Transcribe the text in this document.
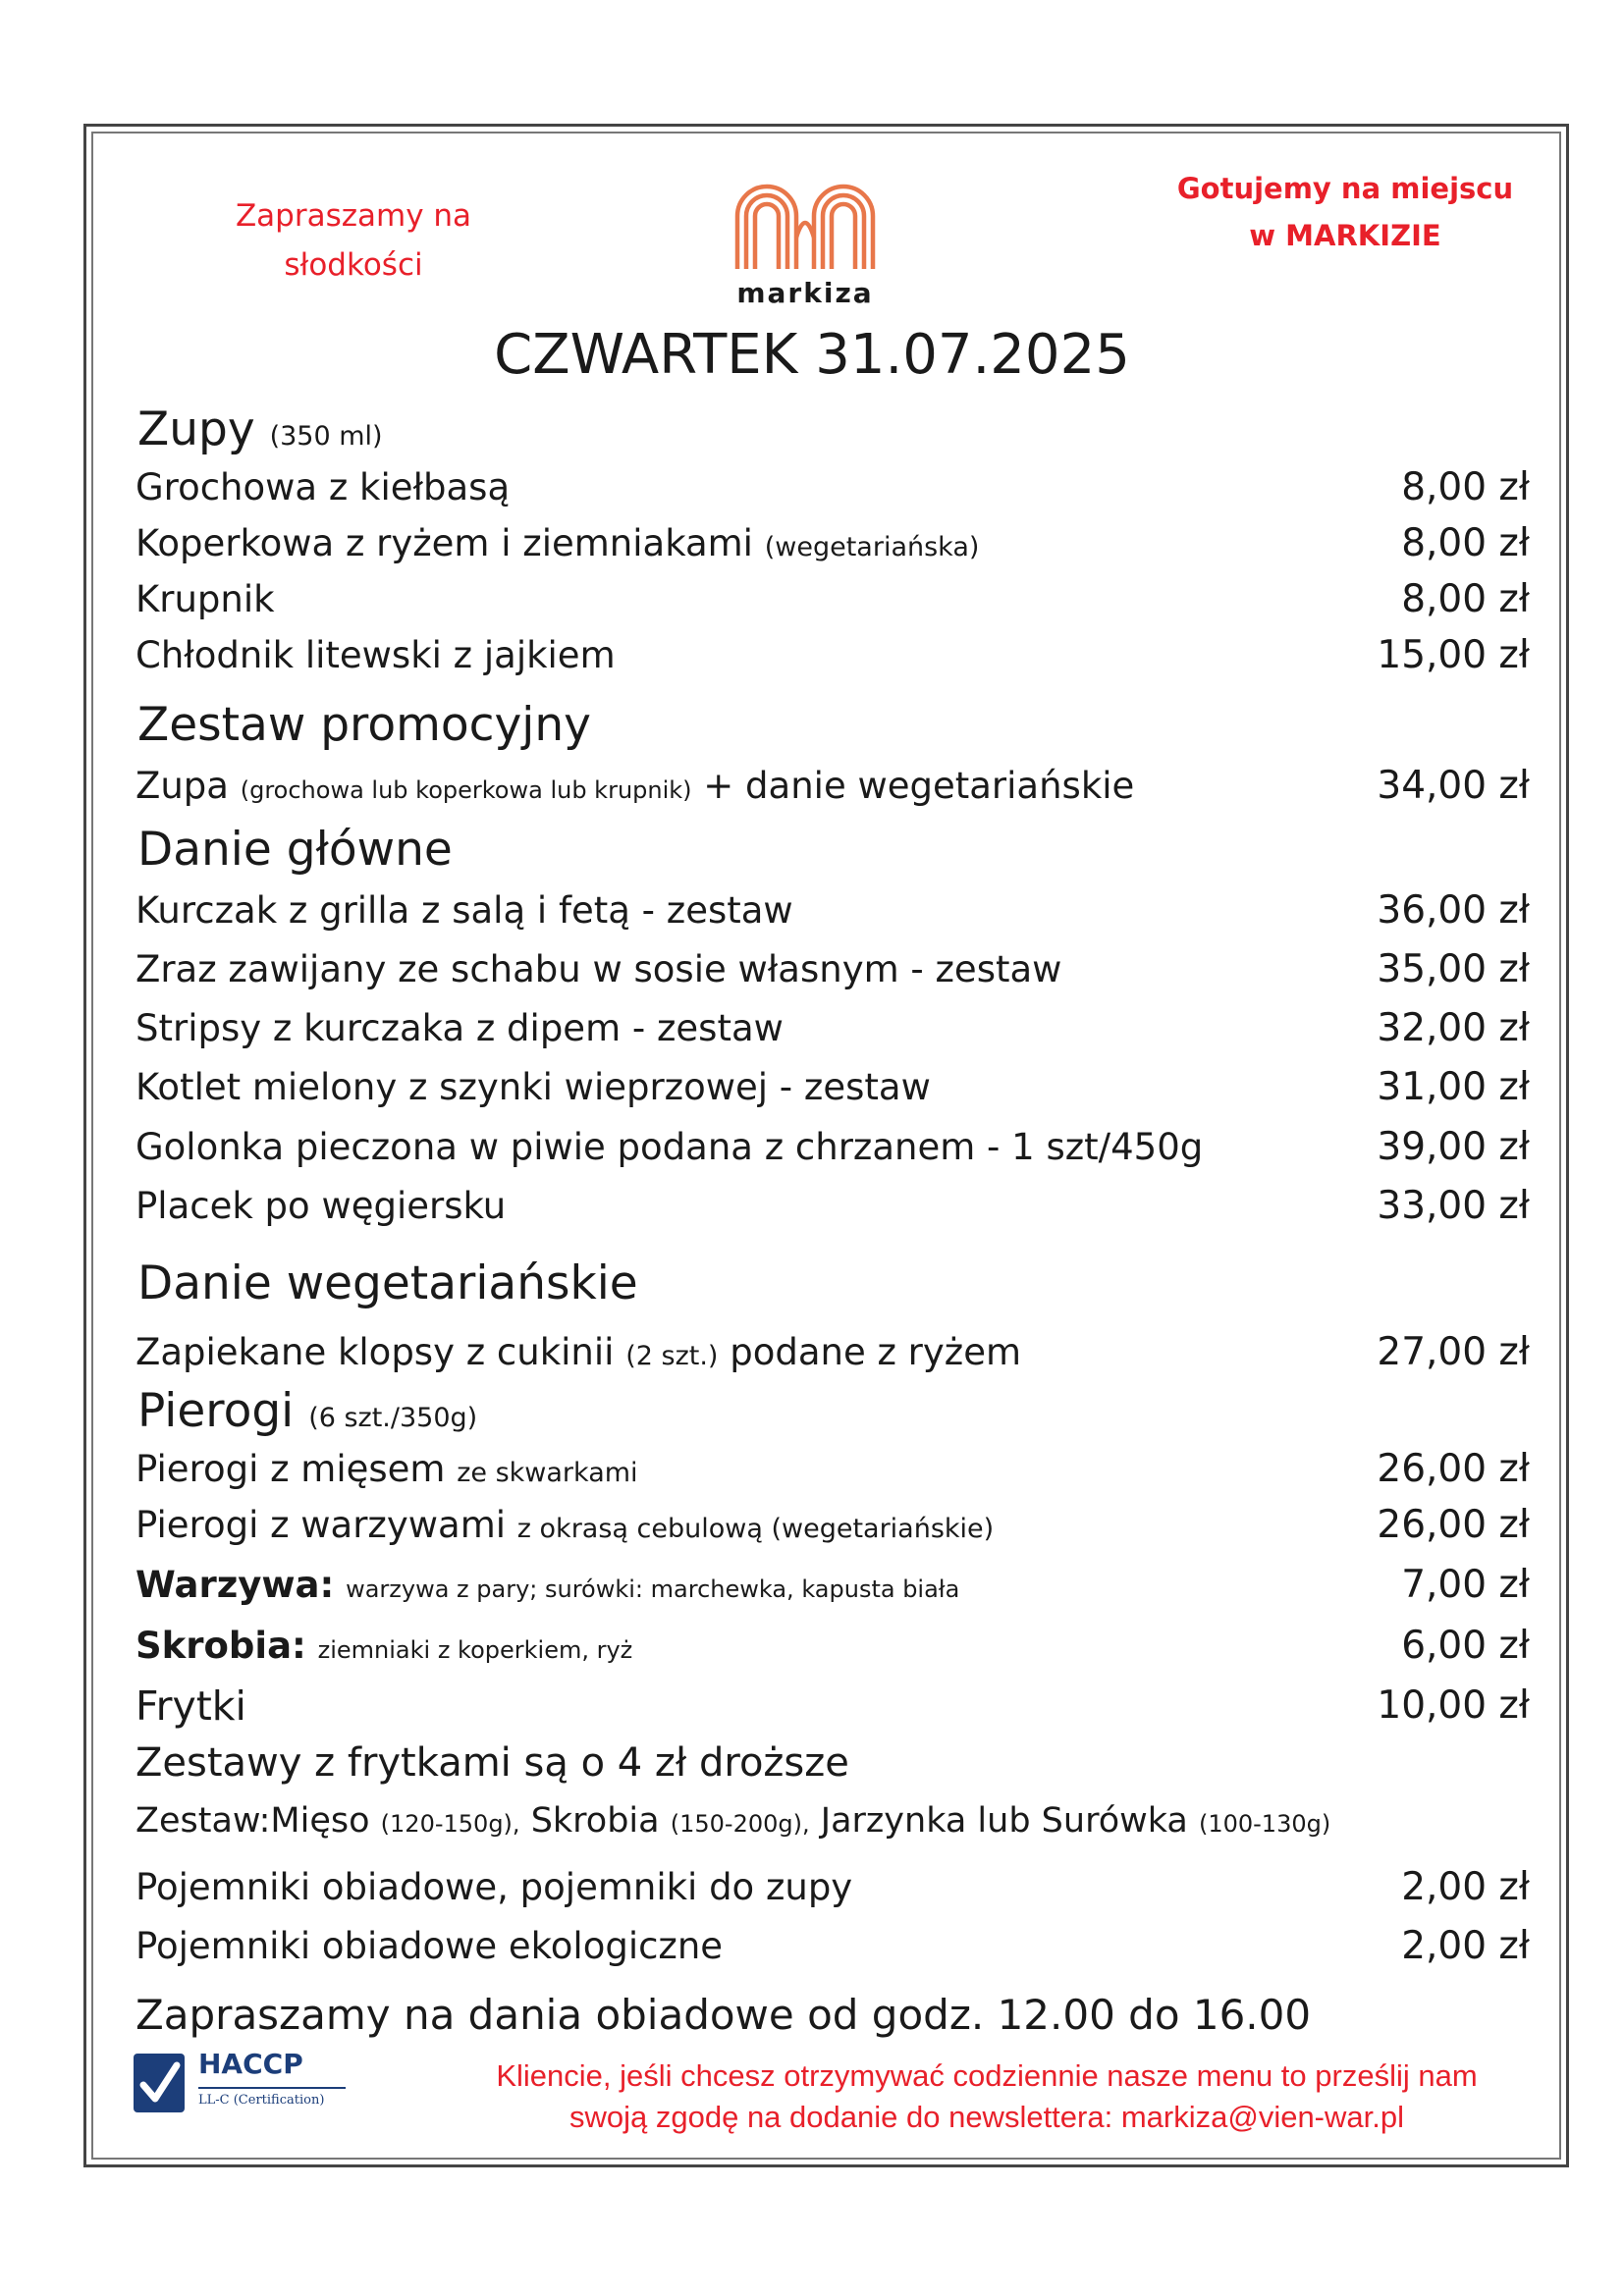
Zapraszamy na
słodkości
Gotujemy na miejscu
w MARKIZIE
markiza
CZWARTEK 31.07.2025
Zupy (350 ml)
Grochowa z kiełbasą	8,00 zł
Koperkowa z ryżem i ziemniakami (wegetariańska)	8,00 zł
Krupnik	8,00 zł
Chłodnik litewski z jajkiem	15,00 zł
Zestaw promocyjny
Zupa (grochowa lub koperkowa lub krupnik) + danie wegetariańskie	34,00 zł
Danie główne
Kurczak z grilla z salą i fetą - zestaw	36,00 zł
Zraz zawijany ze schabu w sosie własnym - zestaw	35,00 zł
Stripsy z kurczaka z dipem - zestaw	32,00 zł
Kotlet mielony z szynki wieprzowej - zestaw	31,00 zł
Golonka pieczona w piwie podana z chrzanem - 1 szt/450g	39,00 zł
Placek po węgiersku	33,00 zł
Danie wegetariańskie
Zapiekane klopsy z cukinii (2 szt.) podane z ryżem	27,00 zł
Pierogi (6 szt./350g)
Pierogi z mięsem ze skwarkami	26,00 zł
Pierogi z warzywami z okrasą cebulową (wegetariańskie)	26,00 zł
Warzywa: warzywa z pary; surówki: marchewka, kapusta biała	7,00 zł
Skrobia: ziemniaki z koperkiem, ryż	6,00 zł
Frytki	10,00 zł
Zestawy z frytkami są o 4 zł droższe
Zestaw:Mięso (120-150g), Skrobia (150-200g), Jarzynka lub Surówka (100-130g)
Pojemniki obiadowe, pojemniki do zupy	2,00 zł
Pojemniki obiadowe ekologiczne	2,00 zł
Zapraszamy na dania obiadowe od godz. 12.00 do 16.00
HACCP
LL-C (Certification)
Kliencie, jeśli chcesz otrzymywać codziennie nasze menu to prześlij nam
swoją zgodę na dodanie do newslettera: markiza@vien-war.pl
